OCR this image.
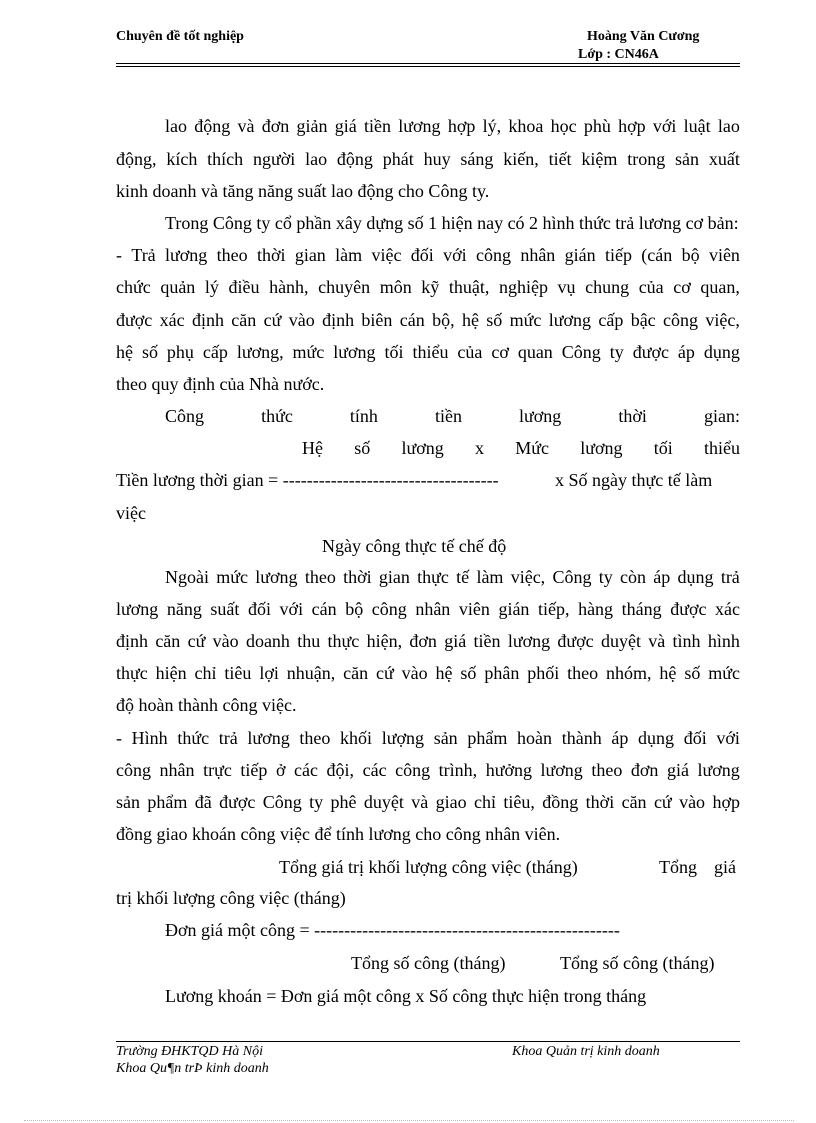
Chuyên đề tốt nghiệp	Hoàng Văn Cương
Lớp : CN46A
lao động và đơn giản giá tiền lương hợp lý, khoa học phù hợp với luật lao
động, kích thích người lao động phát huy sáng kiến, tiết kiệm trong sản xuất
kinh doanh và tăng năng suất lao động cho Công ty.
Trong Công ty cổ phần xây dựng số 1 hiện nay có 2 hình thức trả lương cơ bản:
- Trả lương theo thời gian làm việc đối với công nhân gián tiếp (cán bộ viên
chức quản lý điều hành, chuyên môn kỹ thuật, nghiệp vụ chung của cơ quan,
được xác định căn cứ vào định biên cán bộ, hệ số mức lương cấp bậc công việc,
hệ số phụ cấp lương, mức lương tối thiểu của cơ quan Công ty được áp dụng
theo quy định của Nhà nước.
Công	thức	tính	tiền	lương	thời	gian:
Hệ số lương x Mức lương tối thiểu
Tiền lương thời gian = ------------------------------------	x Số ngày thực tế làm
việc
Ngày công thực tế chế độ
Ngoài mức lương theo thời gian thực tế làm việc, Công ty còn áp dụng trả
lương năng suất đối với cán bộ công nhân viên gián tiếp, hàng tháng được xác
định căn cứ vào doanh thu thực hiện, đơn giá tiền lương được duyệt và tình hình
thực hiện chỉ tiêu lợi nhuận, căn cứ vào hệ số phân phối theo nhóm, hệ số mức
độ hoàn thành công việc.
- Hình thức trả lương theo khối lượng sản phẩm hoàn thành áp dụng đối với
công nhân trực tiếp ở các đội, các công trình, hưởng lương theo đơn giá lương
sản phẩm đã được Công ty phê duyệt và giao chỉ tiêu, đồng thời căn cứ vào hợp
đồng giao khoán công việc để tính lương cho công nhân viên.
Tổng giá trị khối lượng công việc (tháng)	Tổng giá
trị khối lượng công việc (tháng)
Đơn giá một công = ---------------------------------------------------
Tổng số công (tháng)	Tổng số công (tháng)
Lương khoán = Đơn giá một công x Số công thực hiện trong tháng
Trường ĐHKTQD Hà Nội	Khoa Quản trị kinh doanh
Khoa Qu¶n trÞ kinh doanh
